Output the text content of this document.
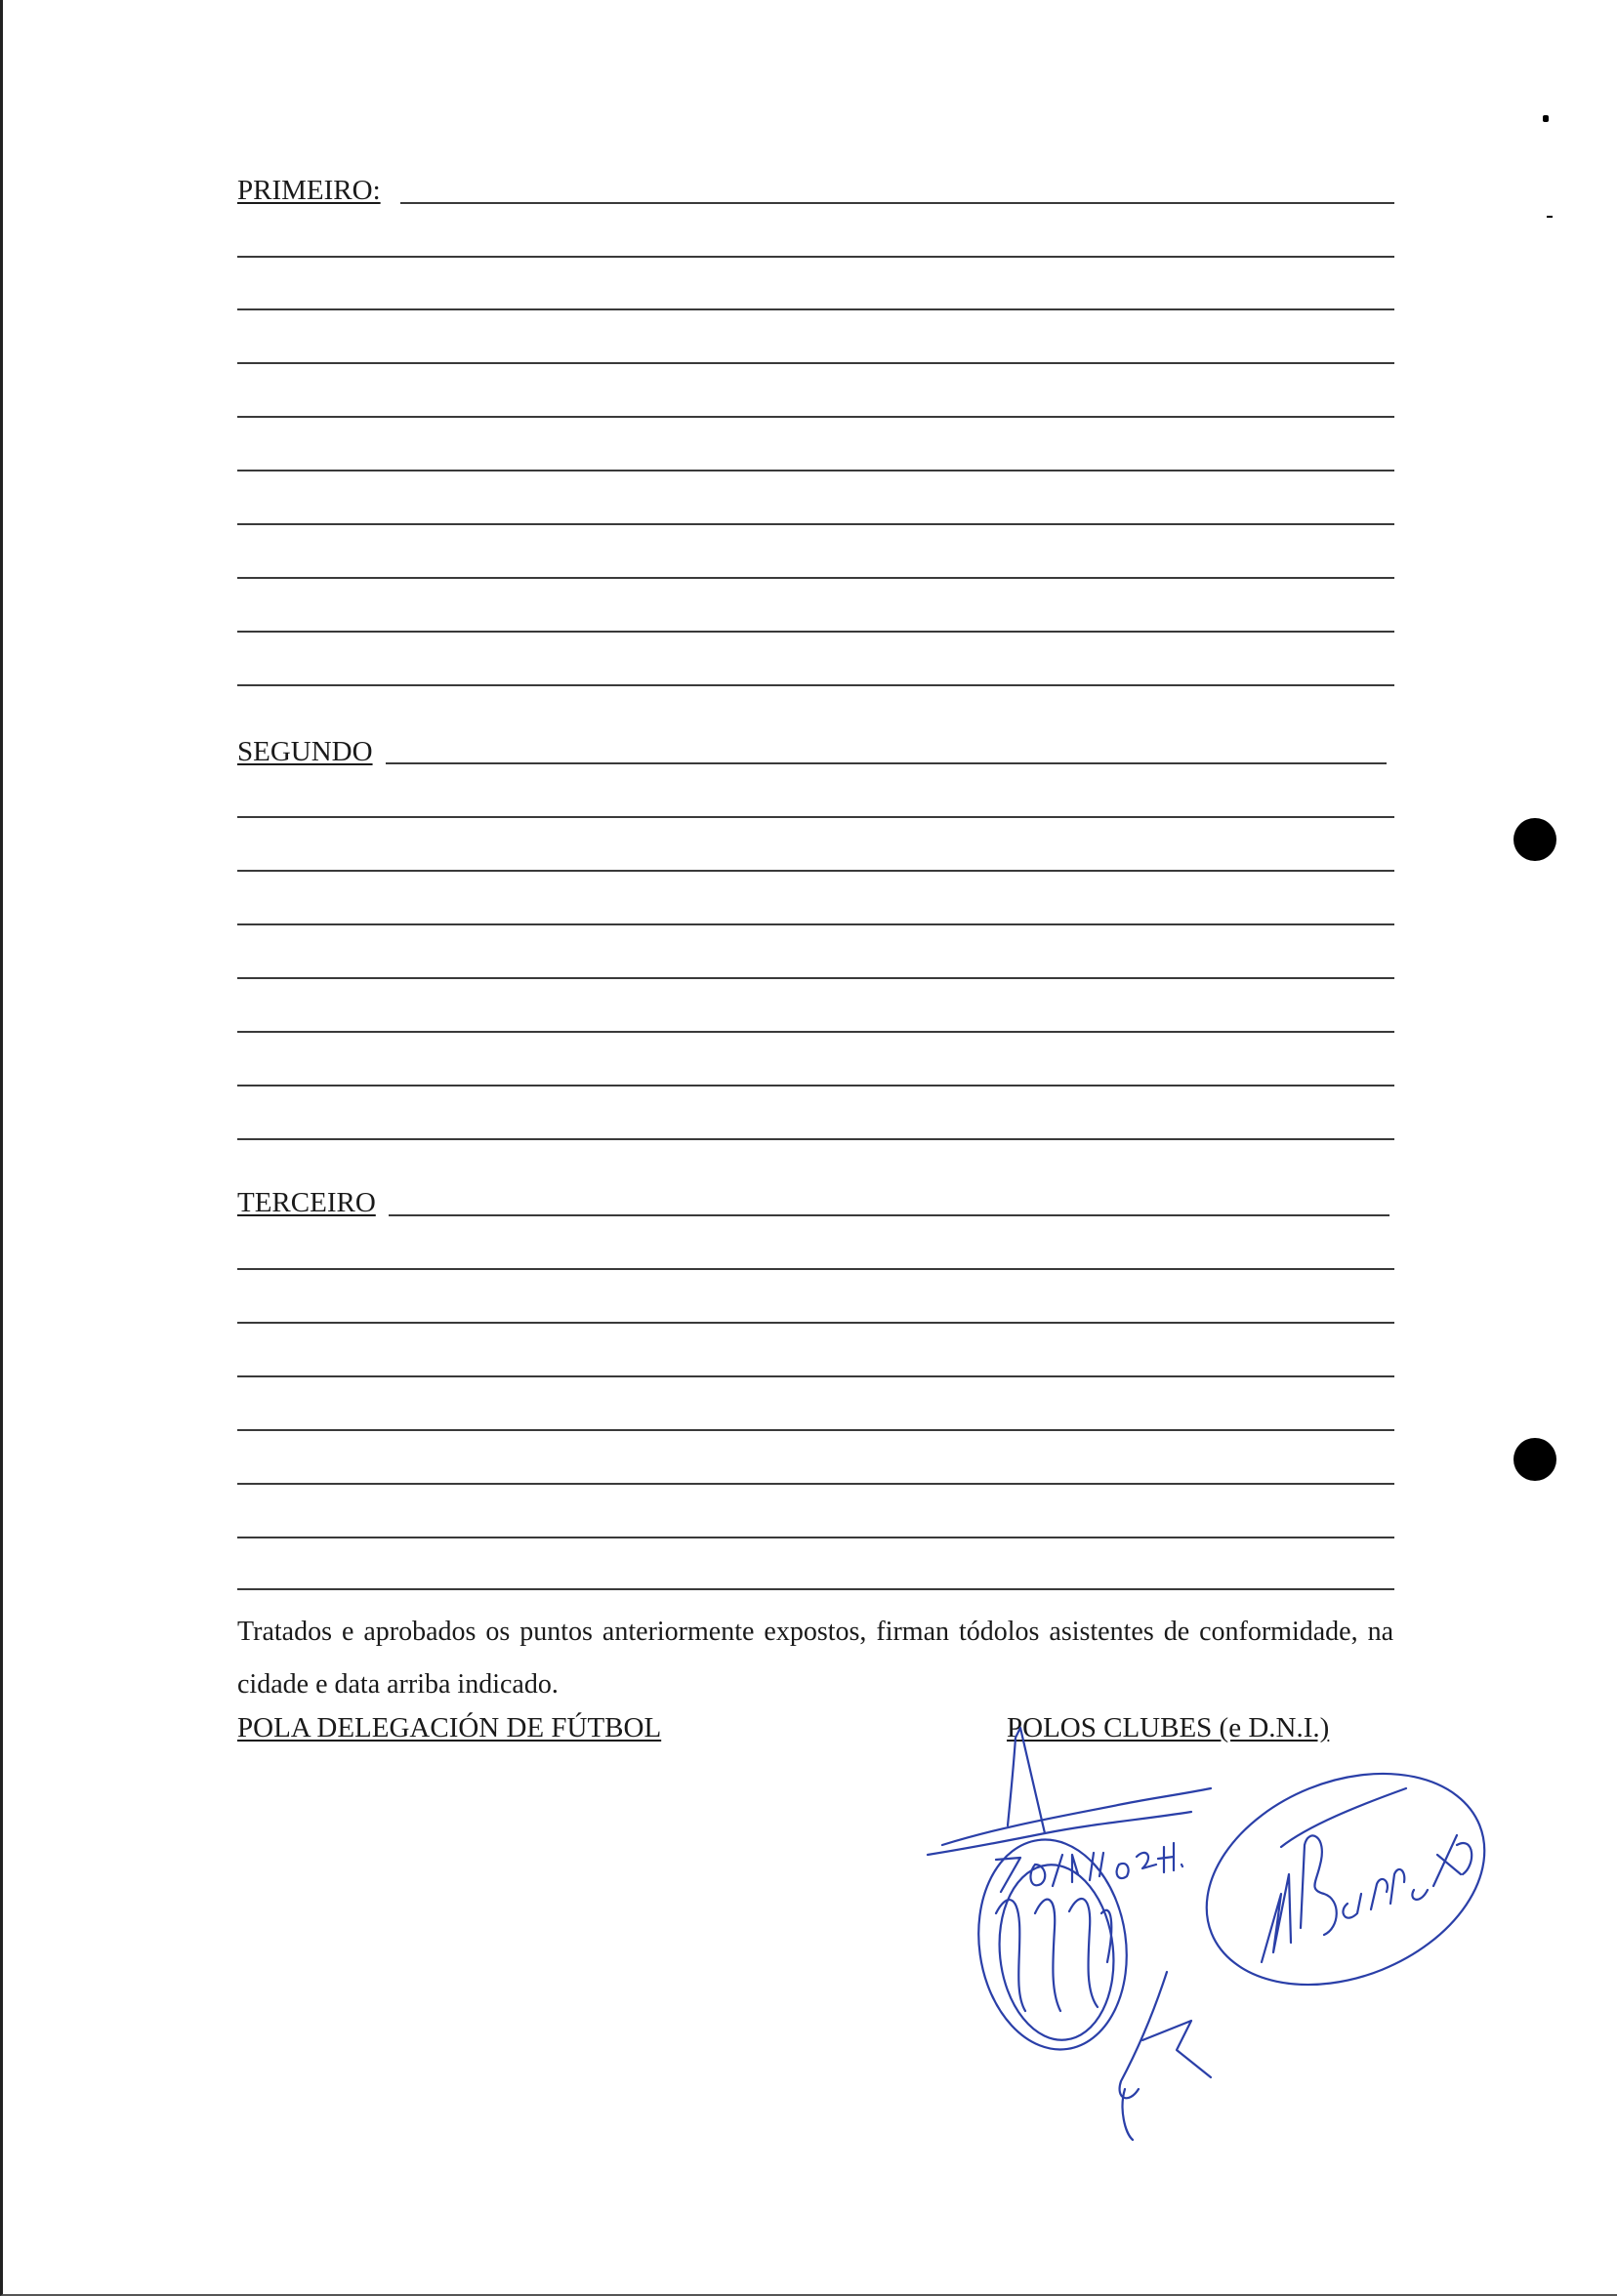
PRIMEIRO:
SEGUNDO
TERCEIRO
Tratados e aprobados os puntos anteriormente expostos, firman tódolos asistentes de conformidade, na cidade e data arriba indicado.
POLA DELEGACIÓN DE FÚTBOL	POLOS CLUBES (e D.N.I.)
